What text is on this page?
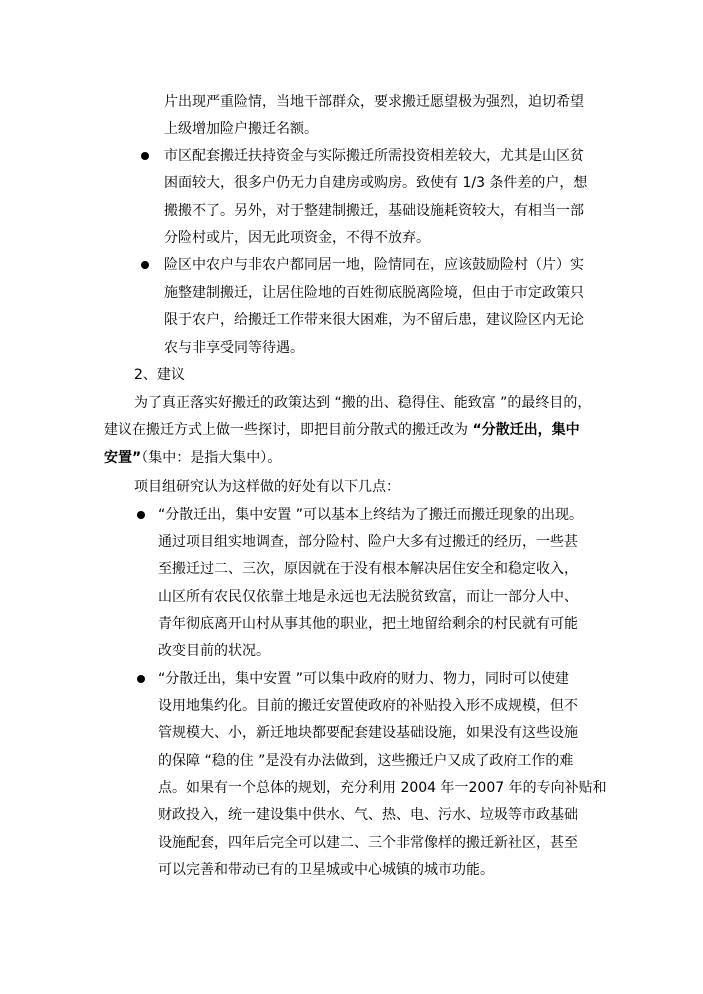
片出现严重险情，当地干部群众，要求搬迁愿望极为强烈，迫切希望
上级增加险户搬迁名额。
市区配套搬迁扶持资金与实际搬迁所需投资相差较大，尤其是山区贫
困面较大，很多户仍无力自建房或购房。致使有 1/3 条件差的户，想
搬搬不了。另外，对于整建制搬迁，基础设施耗资较大，有相当一部
分险村或片，因无此项资金，不得不放弃。
险区中农户与非农户都同居一地，险情同在，应该鼓励险村（片）实
施整建制搬迁，让居住险地的百姓彻底脱离险境，但由于市定政策只
限于农户，给搬迁工作带来很大困难，为不留后患，建议险区内无论
农与非享受同等待遇。
2、建议
为了真正落实好搬迁的政策达到 “搬的出、稳得住、能致富 ”的最终目的，
建议在搬迁方式上做一些探讨，即把目前分散式的搬迁改为 “分散迁出，集中
安置”（集中：是指大集中）。
项目组研究认为这样做的好处有以下几点：
“分散迁出，集中安置 ”可以基本上终结为了搬迁而搬迁现象的出现。
通过项目组实地调查，部分险村、险户大多有过搬迁的经历，一些甚
至搬迁过二、三次，原因就在于没有根本解决居住安全和稳定收入，
山区所有农民仅依靠土地是永远也无法脱贫致富，而让一部分人中、
青年彻底离开山村从事其他的职业，把土地留给剩余的村民就有可能
改变目前的状况。
“分散迁出，集中安置 ”可以集中政府的财力、物力，同时可以使建
设用地集约化。目前的搬迁安置使政府的补贴投入形不成规模，但不
管规模大、小，新迁地块都要配套建设基础设施，如果没有这些设施
的保障 “稳的住 ”是没有办法做到，这些搬迁户又成了政府工作的难
点。如果有一个总体的规划，充分利用 2004 年一2007 年的专向补贴和
财政投入，统一建设集中供水、气、热、电、污水、垃圾等市政基础
设施配套，四年后完全可以建二、三个非常像样的搬迁新社区，甚至
可以完善和带动已有的卫星城或中心城镇的城市功能。
